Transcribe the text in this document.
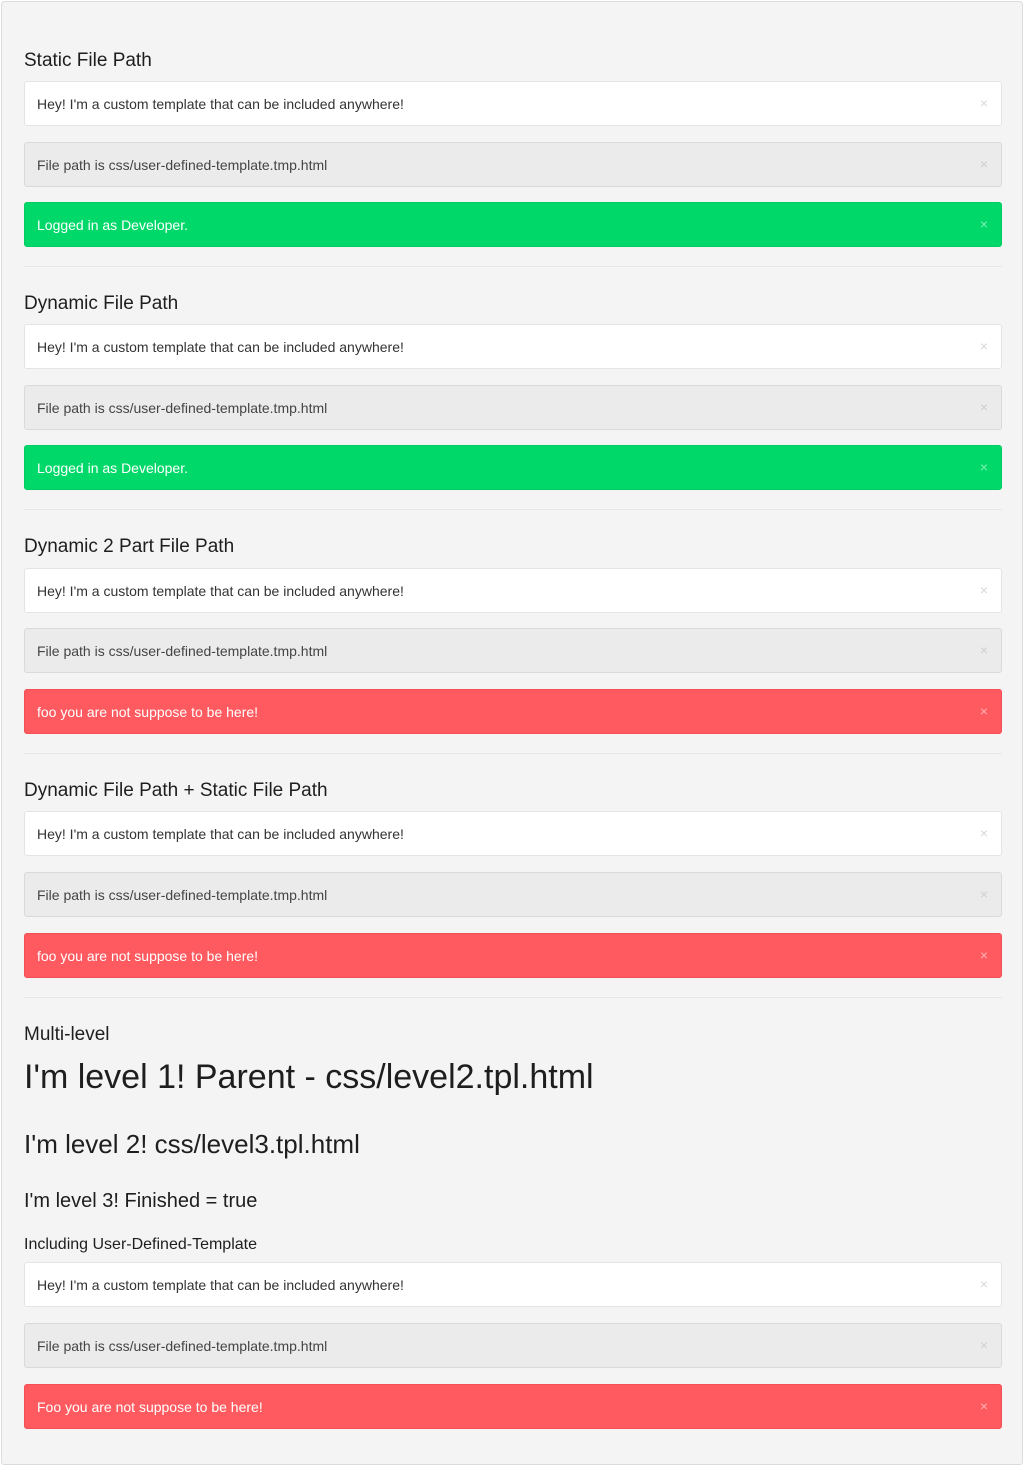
Static File Path
Hey! I'm a custom template that can be included anywhere!	×
File path is css/user-defined-template.tmp.html	×
Logged in as Developer.	×
Dynamic File Path
Hey! I'm a custom template that can be included anywhere!	×
File path is css/user-defined-template.tmp.html	×
Logged in as Developer.	×
Dynamic 2 Part File Path
Hey! I'm a custom template that can be included anywhere!	×
File path is css/user-defined-template.tmp.html	×
foo you are not suppose to be here!	×
Dynamic File Path + Static File Path
Hey! I'm a custom template that can be included anywhere!	×
File path is css/user-defined-template.tmp.html	×
foo you are not suppose to be here!	×
Multi-level
I'm level 1! Parent - css/level2.tpl.html
I'm level 2! css/level3.tpl.html
I'm level 3! Finished = true
Including User-Defined-Template
Hey! I'm a custom template that can be included anywhere!	×
File path is css/user-defined-template.tmp.html	×
Foo you are not suppose to be here!	×
